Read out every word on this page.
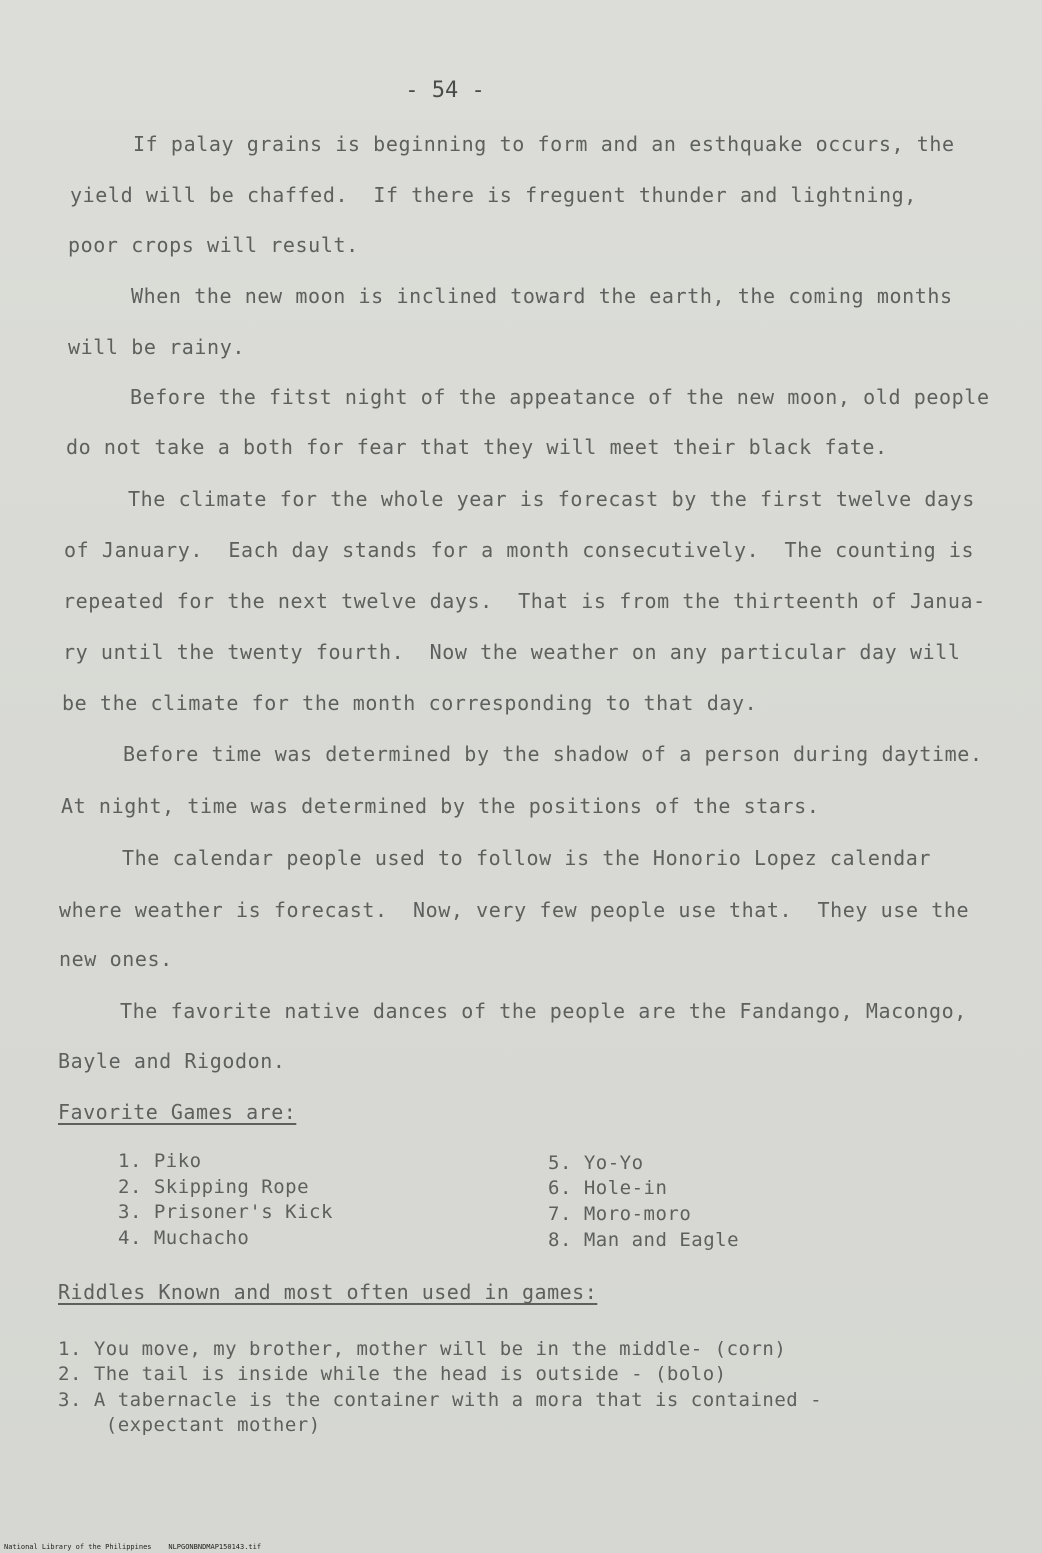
- 54 -
If palay grains is beginning to form and an esthquake occurs, the
yield will be chaffed.  If there is freguent thunder and lightning,
poor crops will result.
When the new moon is inclined toward the earth, the coming months
will be rainy.
Before the fitst night of the appeatance of the new moon, old people
do not take a both for fear that they will meet their black fate.
The climate for the whole year is forecast by the first twelve days
of January.  Each day stands for a month consecutively.  The counting is
repeated for the next twelve days.  That is from the thirteenth of Janua-
ry until the twenty fourth.  Now the weather on any particular day will
be the climate for the month corresponding to that day.
Before time was determined by the shadow of a person during daytime.
At night, time was determined by the positions of the stars.
The calendar people used to follow is the Honorio Lopez calendar
where weather is forecast.  Now, very few people use that.  They use the
new ones.
The favorite native dances of the people are the Fandango, Macongo,
Bayle and Rigodon.
Favorite Games are:
1. Piko
2. Skipping Rope
3. Prisoner's Kick
4. Muchacho
5. Yo-Yo
6. Hole-in
7. Moro-moro
8. Man and Eagle
Riddles Known and most often used in games:
1. You move, my brother, mother will be in the middle- (corn)
2. The tail is inside while the head is outside - (bolo)
3. A tabernacle is the container with a mora that is contained -
(expectant mother)
National Library of the Philippines    NLPGONBNDMAP150143.tif
